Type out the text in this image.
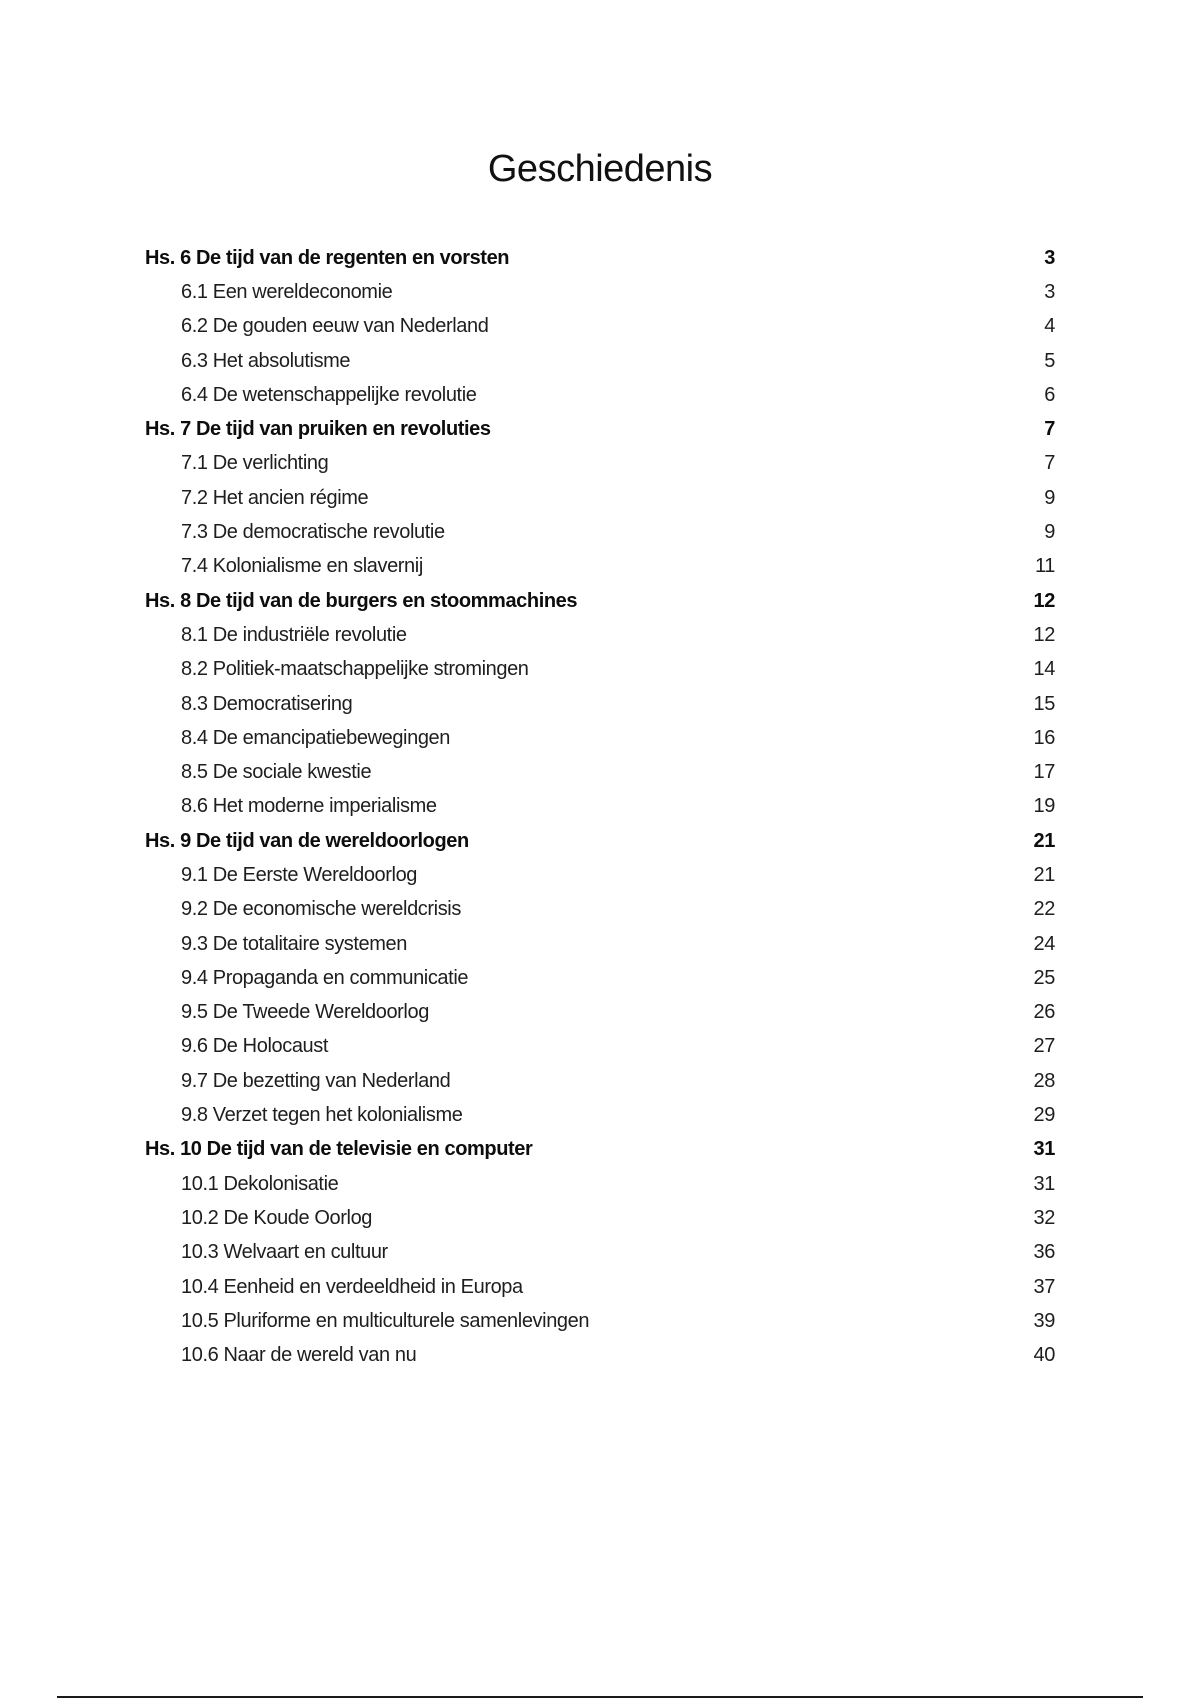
Geschiedenis
Hs. 6 De tijd van de regenten en vorsten	3
6.1 Een wereldeconomie	3
6.2 De gouden eeuw van Nederland	4
6.3 Het absolutisme	5
6.4 De wetenschappelijke revolutie	6
Hs. 7 De tijd van pruiken en revoluties	7
7.1 De verlichting	7
7.2 Het ancien régime	9
7.3 De democratische revolutie	9
7.4 Kolonialisme en slavernij	11
Hs. 8 De tijd van de burgers en stoommachines	12
8.1 De industriële revolutie	12
8.2 Politiek-maatschappelijke stromingen	14
8.3 Democratisering	15
8.4 De emancipatiebewegingen	16
8.5 De sociale kwestie	17
8.6 Het moderne imperialisme	19
Hs. 9 De tijd van de wereldoorlogen	21
9.1 De Eerste Wereldoorlog	21
9.2 De economische wereldcrisis	22
9.3 De totalitaire systemen	24
9.4 Propaganda en communicatie	25
9.5 De Tweede Wereldoorlog	26
9.6 De Holocaust	27
9.7 De bezetting van Nederland	28
9.8 Verzet tegen het kolonialisme	29
Hs. 10 De tijd van de televisie en computer	31
10.1 Dekolonisatie	31
10.2 De Koude Oorlog	32
10.3 Welvaart en cultuur	36
10.4 Eenheid en verdeeldheid in Europa	37
10.5 Pluriforme en multiculturele samenlevingen	39
10.6 Naar de wereld van nu	40
